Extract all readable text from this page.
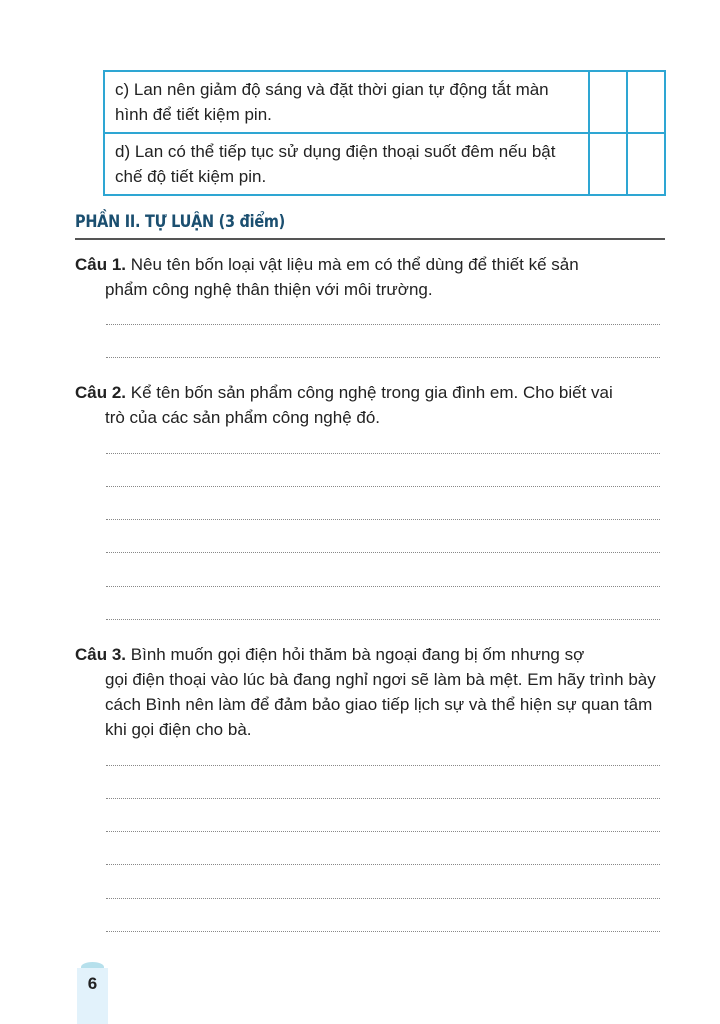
c) Lan nên giảm độ sáng và đặt thời gian tự động tắt màn hình để tiết kiệm pin.		
d) Lan có thể tiếp tục sử dụng điện thoại suốt đêm nếu bật chế độ tiết kiệm pin.		
PHẦN II. TỰ LUẬN (3 điểm)
Câu 1. Nêu tên bốn loại vật liệu mà em có thể dùng để thiết kế sản
phẩm công nghệ thân thiện với môi trường.
Câu 2. Kể tên bốn sản phẩm công nghệ trong gia đình em. Cho biết vai
trò của các sản phẩm công nghệ đó.
Câu 3. Bình muốn gọi điện hỏi thăm bà ngoại đang bị ốm nhưng sợ
gọi điện thoại vào lúc bà đang nghỉ ngơi sẽ làm bà mệt. Em hãy trình bày cách Bình nên làm để đảm bảo giao tiếp lịch sự và thể hiện sự quan tâm khi gọi điện cho bà.
6
